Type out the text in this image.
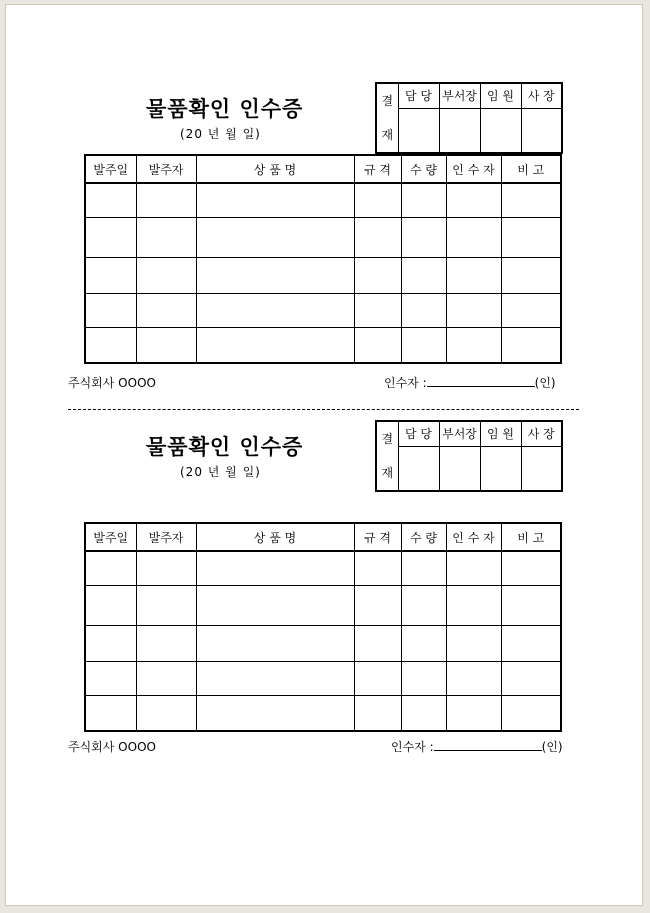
물품확인 인수증
(20 년 월 일)
결
재	담 당	부서장	임 원	사 장

발주일	발주자	상 품 명	규 격	수 량	인 수 자	비 고

주식회사 OOOO	인수자 :	(인)
물품확인 인수증
(20 년 월 일)
결
재	담 당	부서장	임 원	사 장

발주일	발주자	상 품 명	규 격	수 량	인 수 자	비 고

주식회사 OOOO	인수자 :	(인)
